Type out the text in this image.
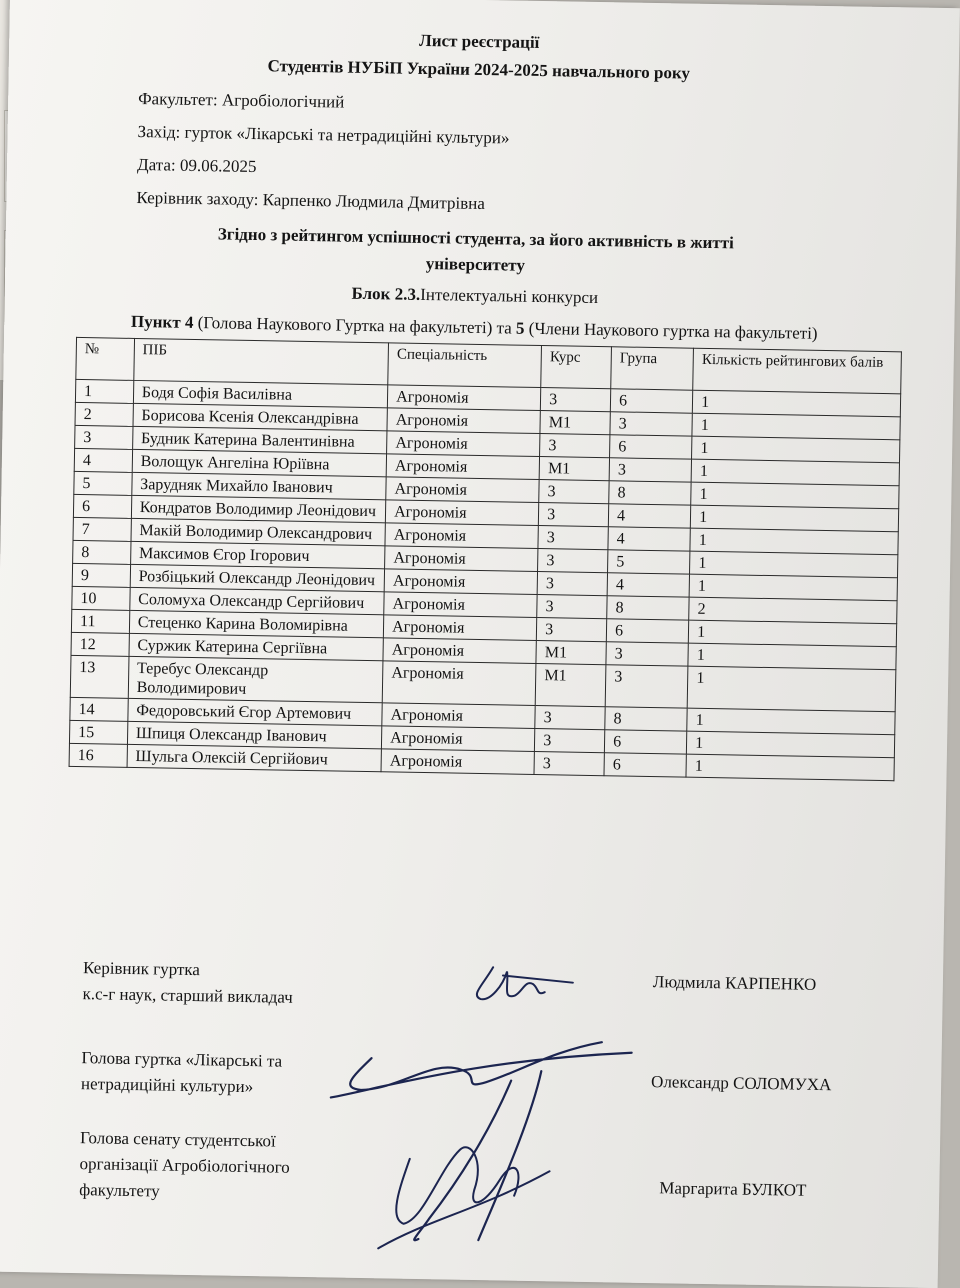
Лист реєстрації
Студентів НУБіП України 2024-2025 навчального року
Факультет: Агробіологічний
Захід: гурток «Лікарські та нетрадиційні культури»
Дата: 09.06.2025
Керівник заходу: Карпенко Людмила Дмитрівна
Згідно з рейтингом успішності студента, за його активність в житті університету
Блок 2.3.Інтелектуальні конкурси
Пункт 4 (Голова Наукового Гуртка на факультеті) та 5 (Члени Наукового гуртка на факультеті)
№	ПІБ	Спеціальність	Курс	Група	Кількість рейтингових балів
1	Бодя Софія Василівна	Агрономія	3	6	1
2	Борисова Ксенія Олександрівна	Агрономія	М1	3	1
3	Будник Катерина Валентинівна	Агрономія	3	6	1
4	Волощук Ангеліна Юріївна	Агрономія	М1	3	1
5	Зарудняк Михайло Іванович	Агрономія	3	8	1
6	Кондратов Володимир Леонідович	Агрономія	3	4	1
7	Макій Володимир Олександрович	Агрономія	3	4	1
8	Максимов Єгор Ігорович	Агрономія	3	5	1
9	Розбіцький Олександр Леонідович	Агрономія	3	4	1
10	Соломуха Олександр Сергійович	Агрономія	3	8	2
11	Стеценко Карина Воломирівна	Агрономія	3	6	1
12	Суржик Катерина Сергіївна	Агрономія	М1	3	1
13	Теребус Олександр Володимирович	Агрономія	М1	3	1
14	Федоровський Єгор Артемович	Агрономія	3	8	1
15	Шпиця Олександр Іванович	Агрономія	3	6	1
16	Шульга Олексій Сергійович	Агрономія	3	6	1
Керівник гуртка
к.с-г наук, старший викладач
Людмила КАРПЕНКО
Голова гуртка «Лікарські та
нетрадиційні культури»	Олександр СОЛОМУХА
Голова сенату студентської
організації Агробіологічного
факультету	Маргарита БУЛКОТ
